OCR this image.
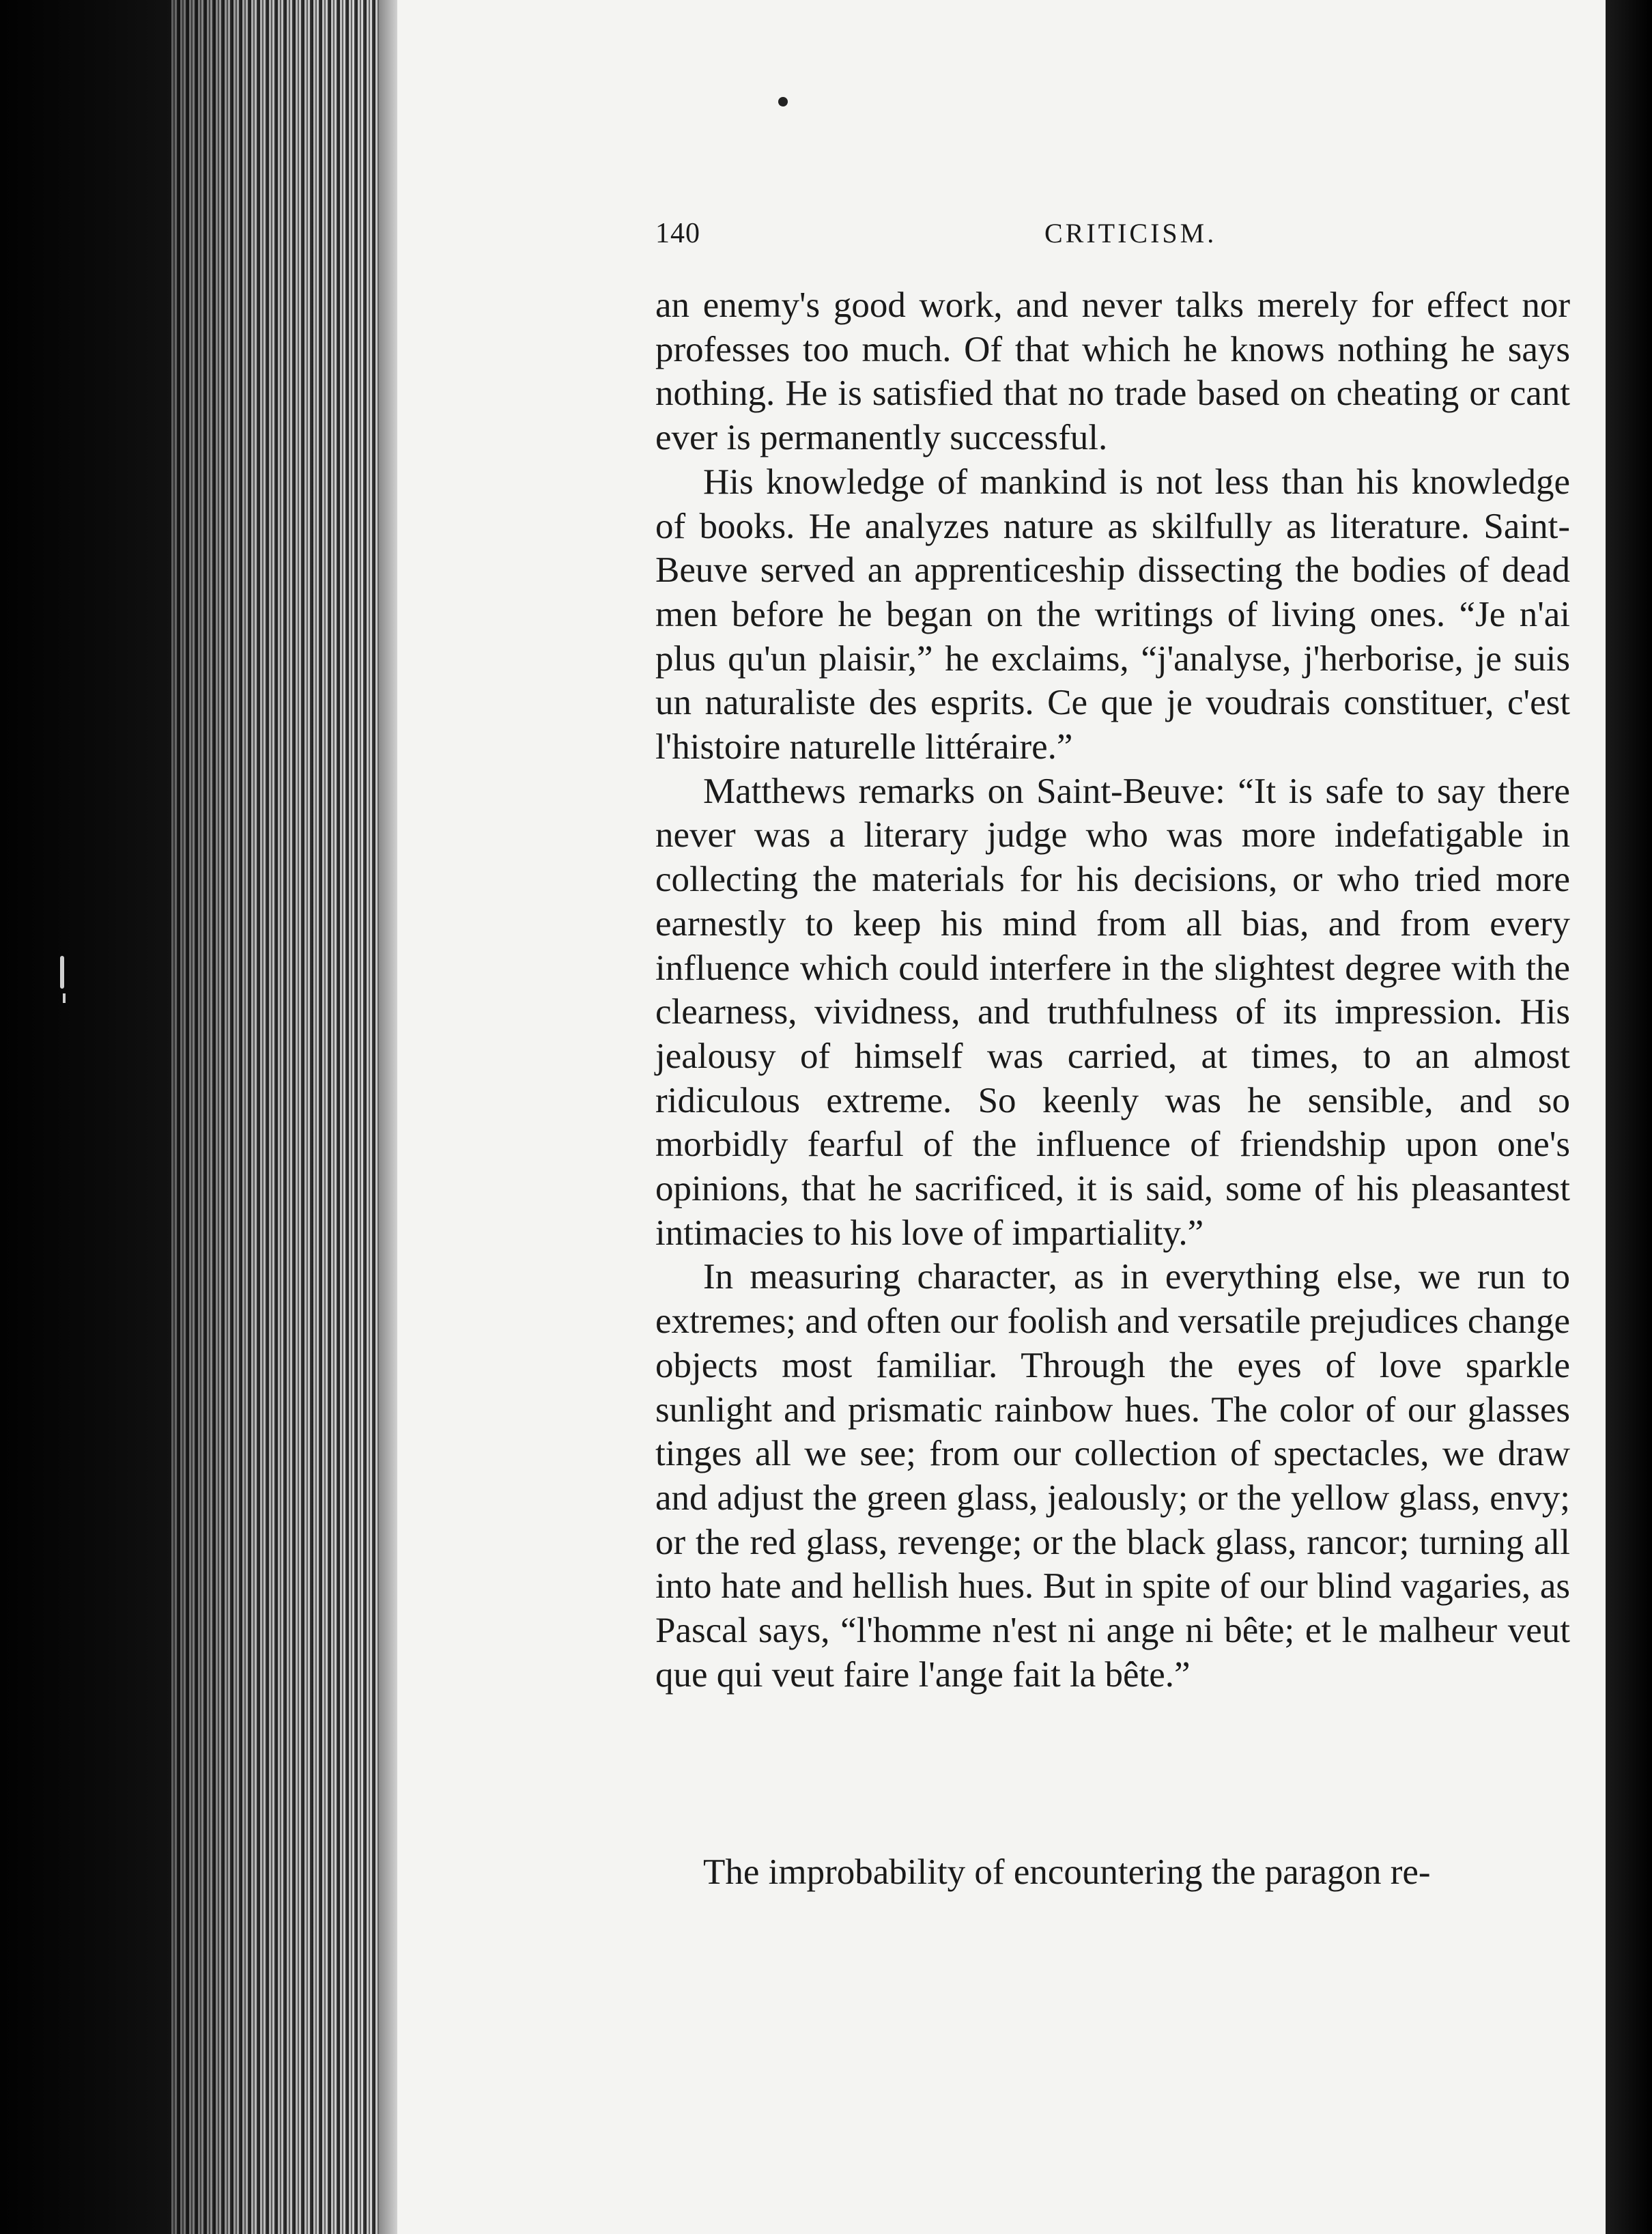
140	CRITICISM.

an enemy's good work, and never talks merely for effect nor professes too much. Of that which he knows nothing he says nothing. He is satisfied that no trade based on cheating or cant ever is permanently successful.

His knowledge of mankind is not less than his knowledge of books. He analyzes nature as skilfully as literature. Saint-Beuve served an apprenticeship dissecting the bodies of dead men before he began on the writings of living ones. “Je n'ai plus qu'un plaisir,” he exclaims, “j'analyse, j'herborise, je suis un naturaliste des esprits. Ce que je voudrais constituer, c'est l'histoire naturelle littéraire.”

Matthews remarks on Saint-Beuve: “It is safe to say there never was a literary judge who was more indefatigable in collecting the materials for his decisions, or who tried more earnestly to keep his mind from all bias, and from every influence which could interfere in the slightest degree with the clearness, vividness, and truthfulness of its impression. His jealousy of himself was carried, at times, to an almost ridiculous extreme. So keenly was he sensible, and so morbidly fearful of the influence of friendship upon one's opinions, that he sacrificed, it is said, some of his pleasantest intimacies to his love of impartiality.”

In measuring character, as in everything else, we run to extremes; and often our foolish and versatile prejudices change objects most familiar. Through the eyes of love sparkle sunlight and prismatic rainbow hues. The color of our glasses tinges all we see; from our collection of spectacles, we draw and adjust the green glass, jealously; or the yellow glass, envy; or the red glass, revenge; or the black glass, rancor; turning all into hate and hellish hues. But in spite of our blind vagaries, as Pascal says, “l'homme n'est ni ange ni bête; et le malheur veut que qui veut faire l'ange fait la bête.”

The improbability of encountering the paragon re-
